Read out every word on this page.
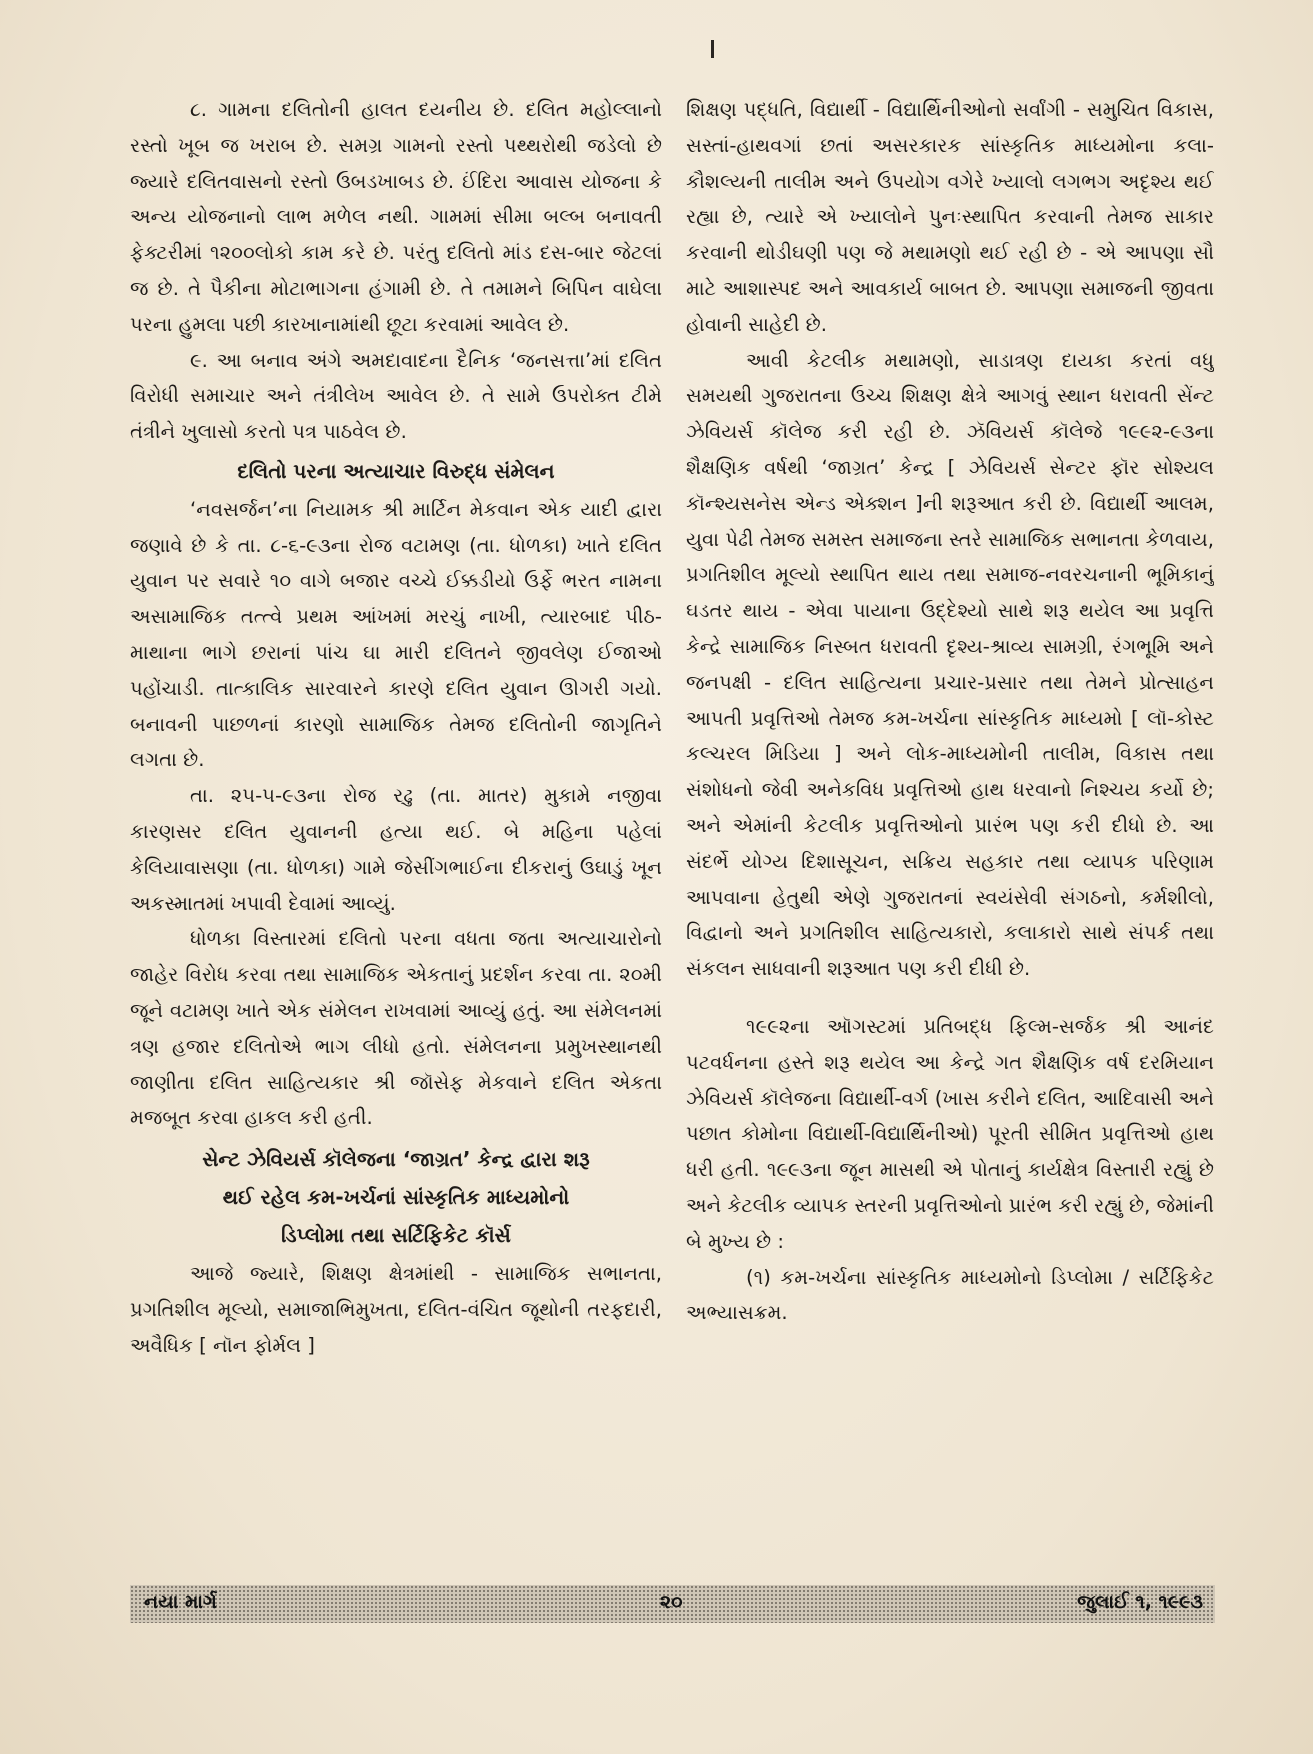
૮. ગામના દલિતોની હાલત દયનીય છે. દલિત મહોલ્લાનો રસ્તો ખૂબ જ ખરાબ છે. સમગ્ર ગામનો રસ્તો પથ્થરોથી જડેલો છે જ્યારે દલિતવાસનો રસ્તો ઉબડખાબડ છે. ઈંદિરા આવાસ યોજના કે અન્ય યોજનાનો લાભ મળેલ નથી. ગામમાં સીમા બલ્બ બનાવતી ફેક્ટરીમાં ૧૨૦૦લોકો કામ કરે છે. પરંતુ દલિતો માંડ દસ-બાર જેટલાં જ છે. તે પૈકીના મોટાભાગના હંગામી છે. તે તમામને બિપિન વાઘેલા પરના હુમલા પછી કારખાનામાંથી છૂટા કરવામાં આવેલ છે.

૯. આ બનાવ અંગે અમદાવાદના દૈનિક ‘જનસત્તા’માં દલિત વિરોધી સમાચાર અને તંત્રીલેખ આવેલ છે. તે સામે ઉપરોક્ત ટીમે તંત્રીને ખુલાસો કરતો પત્ર પાઠવેલ છે.

દલિતો પરના અત્યાચાર વિરુદ્ધ સંમેલન

‘નવસર્જન’ના નિયામક શ્રી માર્ટિન મેકવાન એક યાદી દ્વારા જણાવે છે કે તા. ૮-૬-૯૩ના રોજ વટામણ (તા. ધોળકા) ખાતે દલિત યુવાન પર સવારે ૧૦ વાગે બજાર વચ્ચે ઈક્કડીયો ઉર્ફે ભરત નામના અસામાજિક તત્ત્વે પ્રથમ આંખમાં મરચું નાખી, ત્યારબાદ પીઠ-માથાના ભાગે છરાનાં પાંચ ઘા મારી દલિતને જીવલેણ ઈજાઓ પહોંચાડી. તાત્કાલિક સારવારને કારણે દલિત યુવાન ઊગરી ગયો. બનાવની પાછળનાં કારણો સામાજિક તેમજ દલિતોની જાગૃતિને લગતા છે.

તા. ૨૫-૫-૯૩ના રોજ રઢુ (તા. માતર) મુકામે નજીવા કારણસર દલિત યુવાનની હત્યા થઈ. બે મહિના પહેલાં કેલિયાવાસણા (તા. ધોળકા) ગામે જેસીંગભાઈના દીકરાનું ઉઘાડું ખૂન અકસ્માતમાં ખપાવી દેવામાં આવ્યું.

ધોળકા વિસ્તારમાં દલિતો પરના વધતા જતા અત્યાચારોનો જાહેર વિરોધ કરવા તથા સામાજિક એકતાનું પ્રદર્શન કરવા તા. ૨૦મી જૂને વટામણ ખાતે એક સંમેલન રાખવામાં આવ્યું હતું. આ સંમેલનમાં ત્રણ હજાર દલિતોએ ભાગ લીધો હતો. સંમેલનના પ્રમુખસ્થાનથી જાણીતા દલિત સાહિત્યકાર શ્રી જૉસેફ મેકવાને દલિત એકતા મજબૂત કરવા હાકલ કરી હતી.

સેન્ટ ઝેવિયર્સ કૉલેજના ‘જાગ્રત’ કેન્દ્ર દ્વારા શરૂ
થઈ રહેલ કમ-ખર્ચનાં સાંસ્કૃતિક માધ્યમોનો
ડિપ્લોમા તથા સર્ટિફિકેટ કૉર્સ

આજે જ્યારે, શિક્ષણ ક્ષેત્રમાંથી - સામાજિક સભાનતા, પ્રગતિશીલ મૂલ્યો, સમાજાભિમુખતા, દલિત-વંચિત જૂથોની તરફદારી, અવૈધિક [ નૉન ફોર્મલ ]

શિક્ષણ પદ્ધતિ, વિદ્યાર્થી - વિદ્યાર્થિનીઓનો સર્વાંગી - સમુચિત વિકાસ, સસ્તાં-હાથવગાં છતાં અસરકારક સાંસ્કૃતિક માધ્યમોના કલા-કૌશલ્યની તાલીમ અને ઉપયોગ વગેરે ખ્યાલો લગભગ અદૃશ્ય થઈ રહ્યા છે, ત્યારે એ ખ્યાલોને પુનઃસ્થાપિત કરવાની તેમજ સાકાર કરવાની થોડીઘણી પણ જે મથામણો થઈ રહી છે - એ આપણા સૌ માટે આશાસ્પદ અને આવકાર્ય બાબત છે. આપણા સમાજની જીવતા હોવાની સાહેદી છે.

આવી કેટલીક મથામણો, સાડાત્રણ દાયકા કરતાં વધુ સમયથી ગુજરાતના ઉચ્ચ શિક્ષણ ક્ષેત્રે આગવું સ્થાન ધરાવતી સેંન્ટ ઝેવિયર્સ કૉલેજ કરી રહી છે. ઝૅવિયર્સ કૉલેજે ૧૯૯૨-૯૩ના શૈક્ષણિક વર્ષથી ‘જાગ્રત’ કેન્દ્ર [ ઝેવિયર્સ સેન્ટર ફૉર સોશ્યલ કૉન્શ્યસનેસ એન્ડ એક્શન ]ની શરૂઆત કરી છે. વિદ્યાર્થી આલમ, યુવા પેઢી તેમજ સમસ્ત સમાજના સ્તરે સામાજિક સભાનતા કેળવાય, પ્રગતિશીલ મૂલ્યો સ્થાપિત થાય તથા સમાજ-નવરચનાની ભૂમિકાનું ઘડતર થાય - એવા પાયાના ઉદ્દેશ્યો સાથે શરૂ થયેલ આ પ્રવૃત્તિ કેન્દ્રે સામાજિક નિસ્બત ધરાવતી દૃશ્ય-શ્રાવ્ય સામગ્રી, રંગભૂમિ અને જનપક્ષી - દલિત સાહિત્યના પ્રચાર-પ્રસાર તથા તેમને પ્રોત્સાહન આપતી પ્રવૃત્તિઓ તેમજ કમ-ખર્ચના સાંસ્કૃતિક માધ્યમો [ લૉ-કોસ્ટ કલ્ચરલ મિડિયા ] અને લોક-માધ્યમોની તાલીમ, વિકાસ તથા સંશોધનો જેવી અનેકવિધ પ્રવૃત્તિઓ હાથ ધરવાનો નિશ્ચય કર્યો છે; અને એમાંની કેટલીક પ્રવૃત્તિઓનો પ્રારંભ પણ કરી દીધો છે. આ સંદર્ભે યોગ્ય દિશાસૂચન, સક્રિય સહકાર તથા વ્યાપક પરિણામ આપવાના હેતુથી એણે ગુજરાતનાં સ્વયંસેવી સંગઠનો, કર્મશીલો, વિદ્વાનો અને પ્રગતિશીલ સાહિત્યકારો, કલાકારો સાથે સંપર્ક તથા સંકલન સાધવાની શરૂઆત પણ કરી દીધી છે.

૧૯૯૨ના ઑગસ્ટમાં પ્રતિબદ્ધ ફિલ્મ-સર્જક શ્રી આનંદ પટવર્ધનના હસ્તે શરૂ થયેલ આ કેન્દ્રે ગત શૈક્ષણિક વર્ષ દરમિયાન ઝેવિયર્સ કૉલેજના વિદ્યાર્થી-વર્ગ (ખાસ કરીને દલિત, આદિવાસી અને પછાત કોમોના વિદ્યાર્થી-વિદ્યાર્થિનીઓ) પૂરતી સીમિત પ્રવૃત્તિઓ હાથ ધરી હતી. ૧૯૯૩ના જૂન માસથી એ પોતાનું કાર્યક્ષેત્ર વિસ્તારી રહ્યું છે અને કેટલીક વ્યાપક સ્તરની પ્રવૃત્તિઓનો પ્રારંભ કરી રહ્યું છે, જેમાંની બે મુખ્ય છે :

(૧) કમ-ખર્ચના સાંસ્કૃતિક માધ્યમોનો ડિપ્લોમા / સર્ટિફિકેટ અભ્યાસક્રમ.

નયા માર્ગ	૨૦	જુલાઈ ૧, ૧૯૯૩
